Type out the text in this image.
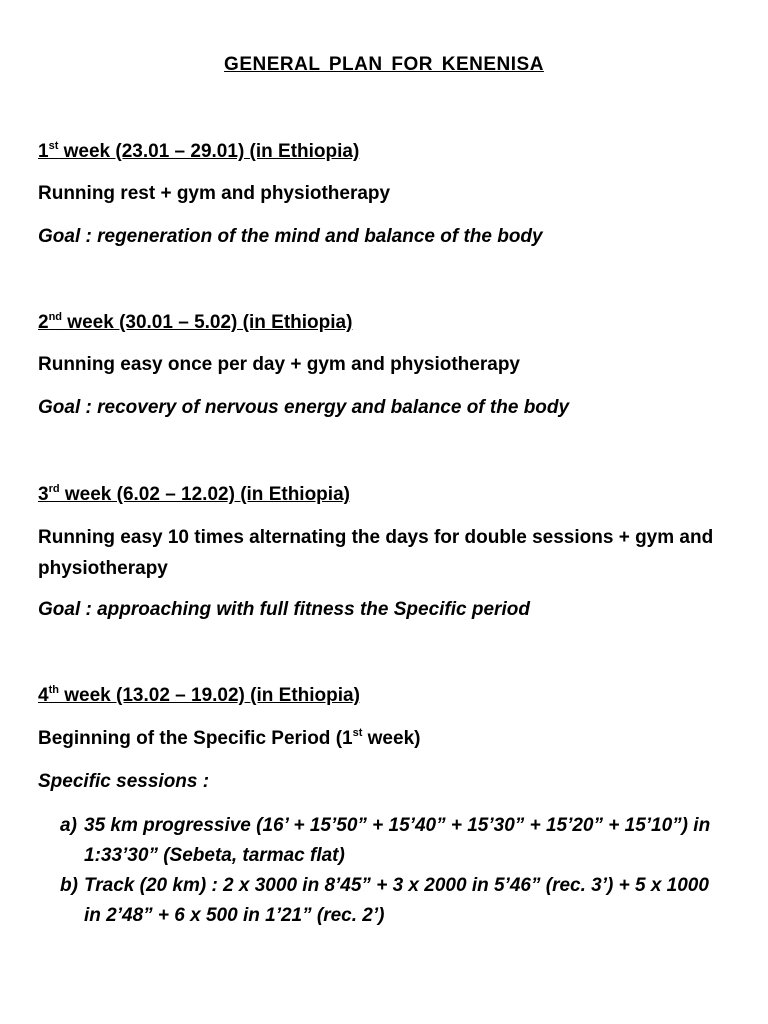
GENERAL PLAN FOR KENENISA
1st week (23.01 – 29.01) (in Ethiopia)
Running rest + gym and physiotherapy
Goal : regeneration of the mind and balance of the body
2nd week (30.01 – 5.02) (in Ethiopia)
Running easy once per day + gym and physiotherapy
Goal : recovery of nervous energy and balance of the body
3rd week (6.02 – 12.02) (in Ethiopia)
Running easy 10 times alternating the days for double sessions + gym and physiotherapy
Goal : approaching with full fitness the Specific period
4th week (13.02 – 19.02) (in Ethiopia)
Beginning of the Specific Period (1st week)
Specific sessions :
a) 35 km progressive (16’ + 15’50” + 15’40” + 15’30” + 15’20” + 15’10”) in 1:33’30” (Sebeta, tarmac flat)
b) Track (20 km) : 2 x 3000 in 8’45” + 3 x 2000 in 5’46” (rec. 3’) + 5 x 1000 in 2’48” + 6 x 500 in 1’21” (rec. 2’)
